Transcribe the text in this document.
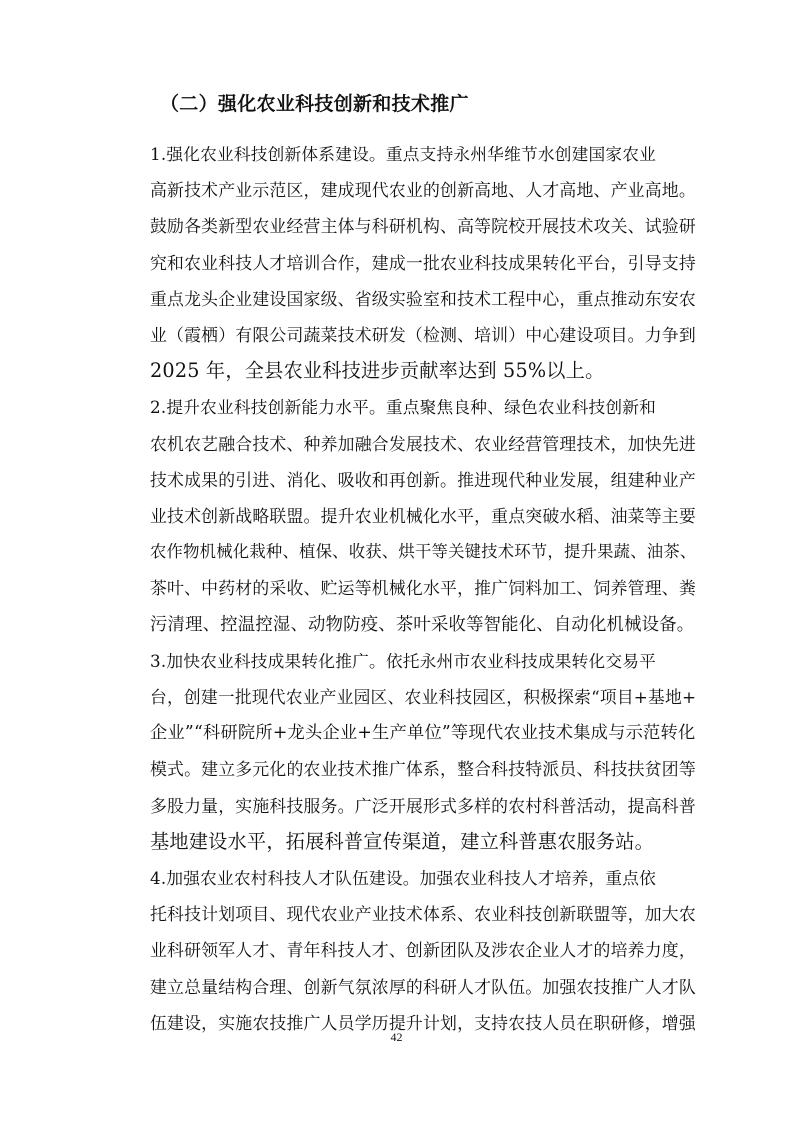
（二）强化农业科技创新和技术推广

1.强化农业科技创新体系建设。重点支持永州华维节水创建国家农业
高新技术产业示范区，建成现代农业的创新高地、人才高地、产业高地。
鼓励各类新型农业经营主体与科研机构、高等院校开展技术攻关、试验研
究和农业科技人才培训合作，建成一批农业科技成果转化平台，引导支持
重点龙头企业建设国家级、省级实验室和技术工程中心，重点推动东安农
业（霞栖）有限公司蔬菜技术研发（检测、培训）中心建设项目。力争到
2025 年，全县农业科技进步贡献率达到 55%以上。

2.提升农业科技创新能力水平。重点聚焦良种、绿色农业科技创新和
农机农艺融合技术、种养加融合发展技术、农业经营管理技术，加快先进
技术成果的引进、消化、吸收和再创新。推进现代种业发展，组建种业产
业技术创新战略联盟。提升农业机械化水平，重点突破水稻、油菜等主要
农作物机械化栽种、植保、收获、烘干等关键技术环节，提升果蔬、油茶、
茶叶、中药材的采收、贮运等机械化水平，推广饲料加工、饲养管理、粪
污清理、控温控湿、动物防疫、茶叶采收等智能化、自动化机械设备。

3.加快农业科技成果转化推广。依托永州市农业科技成果转化交易平
台，创建一批现代农业产业园区、农业科技园区，积极探索“项目+基地+
企业”“科研院所+龙头企业+生产单位”等现代农业技术集成与示范转化
模式。建立多元化的农业技术推广体系，整合科技特派员、科技扶贫团等
多股力量，实施科技服务。广泛开展形式多样的农村科普活动，提高科普
基地建设水平，拓展科普宣传渠道，建立科普惠农服务站。

4.加强农业农村科技人才队伍建设。加强农业科技人才培养，重点依
托科技计划项目、现代农业产业技术体系、农业科技创新联盟等，加大农
业科研领军人才、青年科技人才、创新团队及涉农企业人才的培养力度，
建立总量结构合理、创新气氛浓厚的科研人才队伍。加强农技推广人才队
伍建设，实施农技推广人员学历提升计划，支持农技人员在职研修，增强

42
